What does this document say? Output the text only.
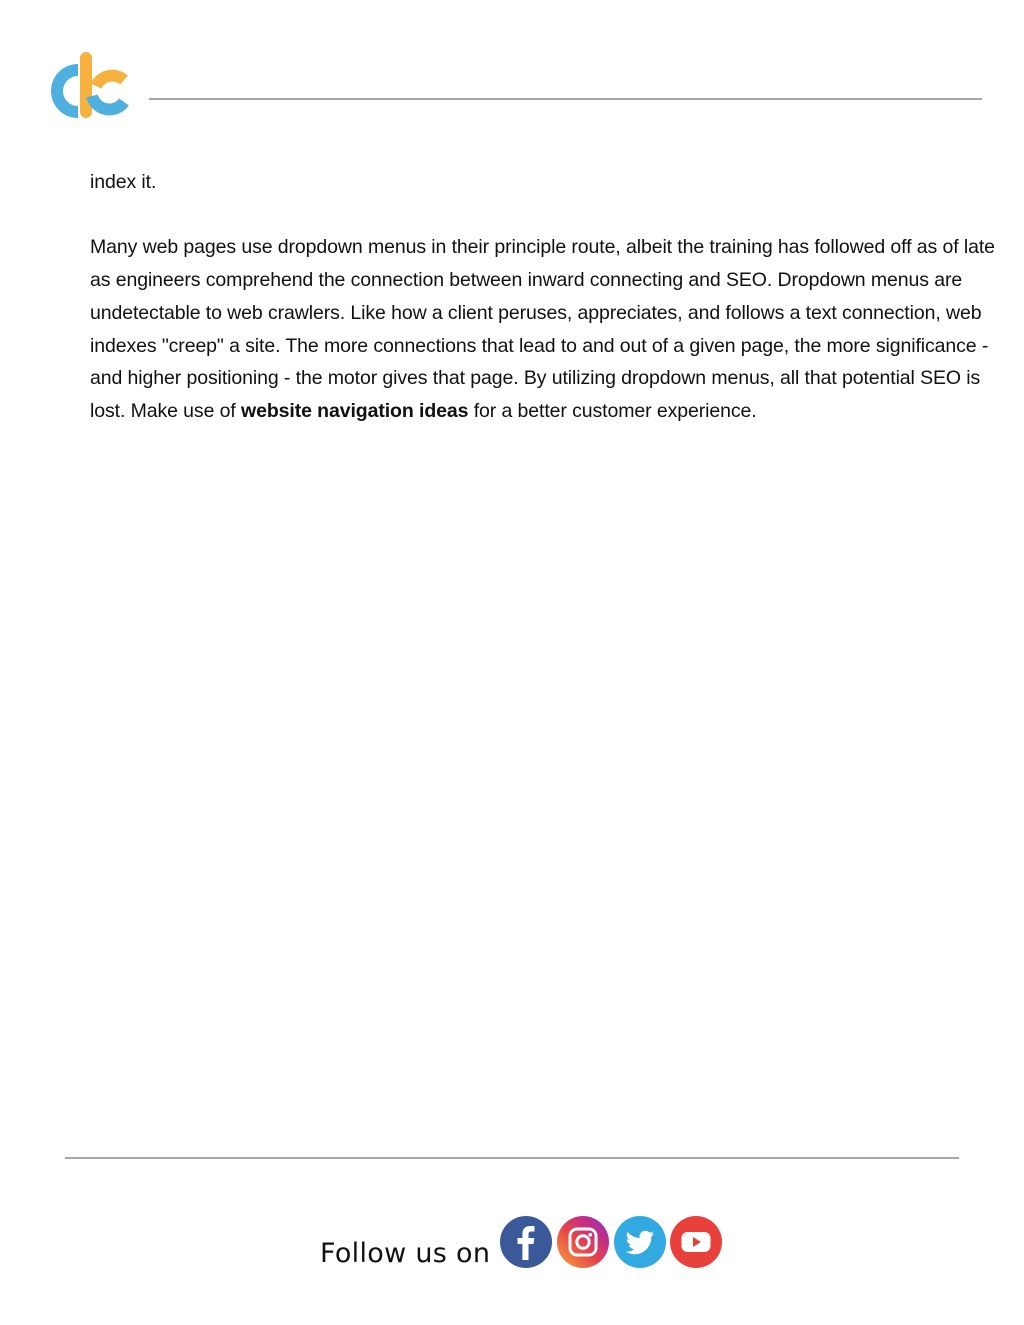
index it.

Many web pages use dropdown menus in their principle route, albeit the training has followed off as of late as engineers comprehend the connection between inward connecting and SEO. Dropdown menus are undetectable to web crawlers. Like how a client peruses, appreciates, and follows a text connection, web indexes "creep" a site. The more connections that lead to and out of a given page, the more significance - and higher positioning - the motor gives that page. By utilizing dropdown menus, all that potential SEO is lost. Make use of website navigation ideas for a better customer experience.

Follow us on
